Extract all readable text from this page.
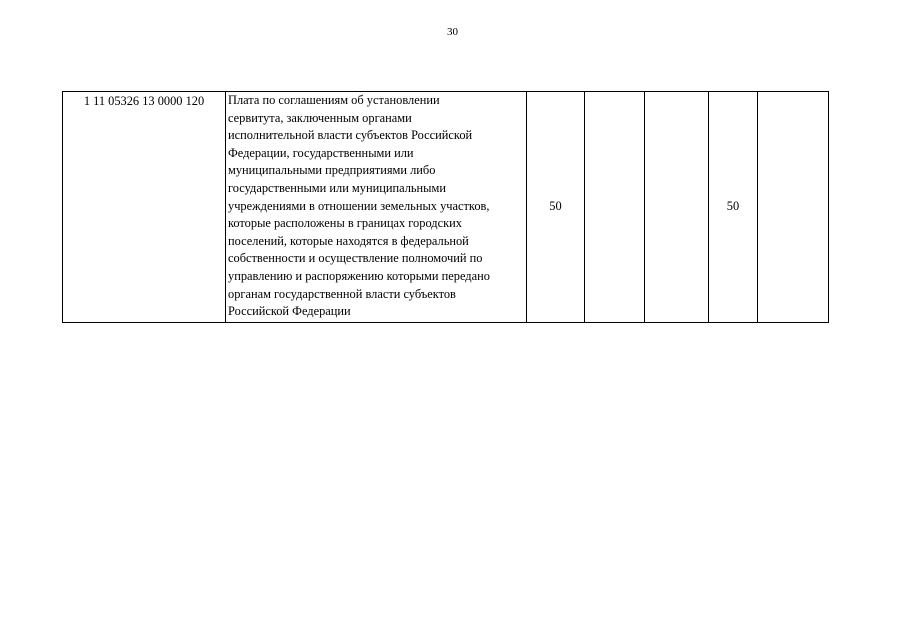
30
1 11 05326 13 0000 120	Плата по соглашениям об установлении
сервитута, заключенным органами
исполнительной власти субъектов Российской
Федерации, государственными или
муниципальными предприятиями либо
государственными или муниципальными
учреждениями в отношении земельных участков,
которые расположены в границах городских
поселений, которые находятся в федеральной
собственности и осуществление полномочий по
управлению и распоряжению которыми передано
органам государственной власти субъектов
Российской Федерации
	50			50	
